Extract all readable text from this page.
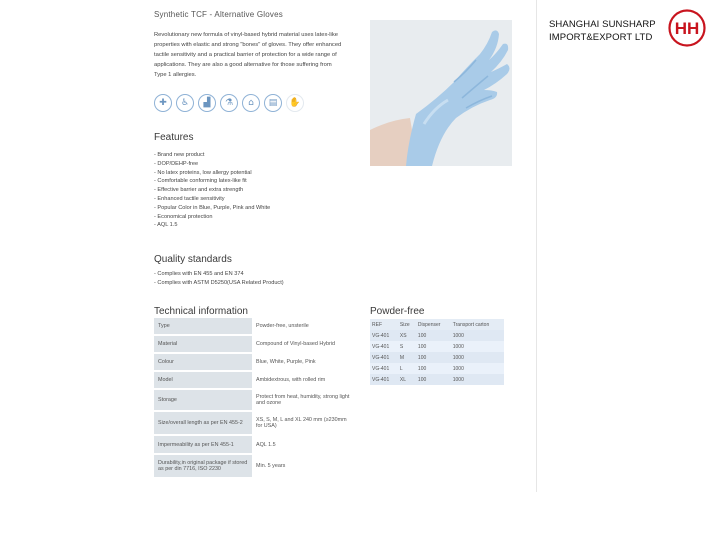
Synthetic TCF - Alternative Gloves
Revolutionary new formula of vinyl-based hybrid material uses latex-like properties with elastic and strong "bones" of gloves. They offer enhanced tactile sensitivity and a practical barrier of protection for a wide range of applications. They are also a good alternative for those suffering from Type 1 allergies.
✚	♿	▟	⚗	⌂	▤	✋
Features
- Brand new product
- DOP/DEHP-free
- No latex proteins, low allergy potential
- Comfortable conforming latex-like fit
- Effective barrier and extra strength
- Enhanced tactile sensitivity
- Popular Color in Blue, Purple, Pink and White
- Economical protection
- AQL 1.5
Quality standards
- Complies with EN 455 and EN 374
- Complies with ASTM D5250(USA Related Product)
Technical information
Type	Powder-free, unsterile
Material	Compound of Vinyl-based Hybrid
Colour	Blue, White, Purple, Pink
Model	Ambidextrous, with rolled rim
Storage	Protect from heat, humidity, strong light and ozone
Size/overall length as per EN 455-2	XS, S, M, L and XL 240 mm (≥230mm for USA)
Impermeability as per EN 455-1	AQL 1.5
Durability,in original package if stored as per din 7716, ISO 2230	Min. 5 years
Powder-free
REF	Size	Dispenser	Transport carton
VG-401	XS	100	1000
VG-401	S	100	1000
VG-401	M	100	1000
VG-401	L	100	1000
VG-401	XL	100	1000
SHANGHAI SUNSHARP
IMPORT&EXPORT LTD	HH
